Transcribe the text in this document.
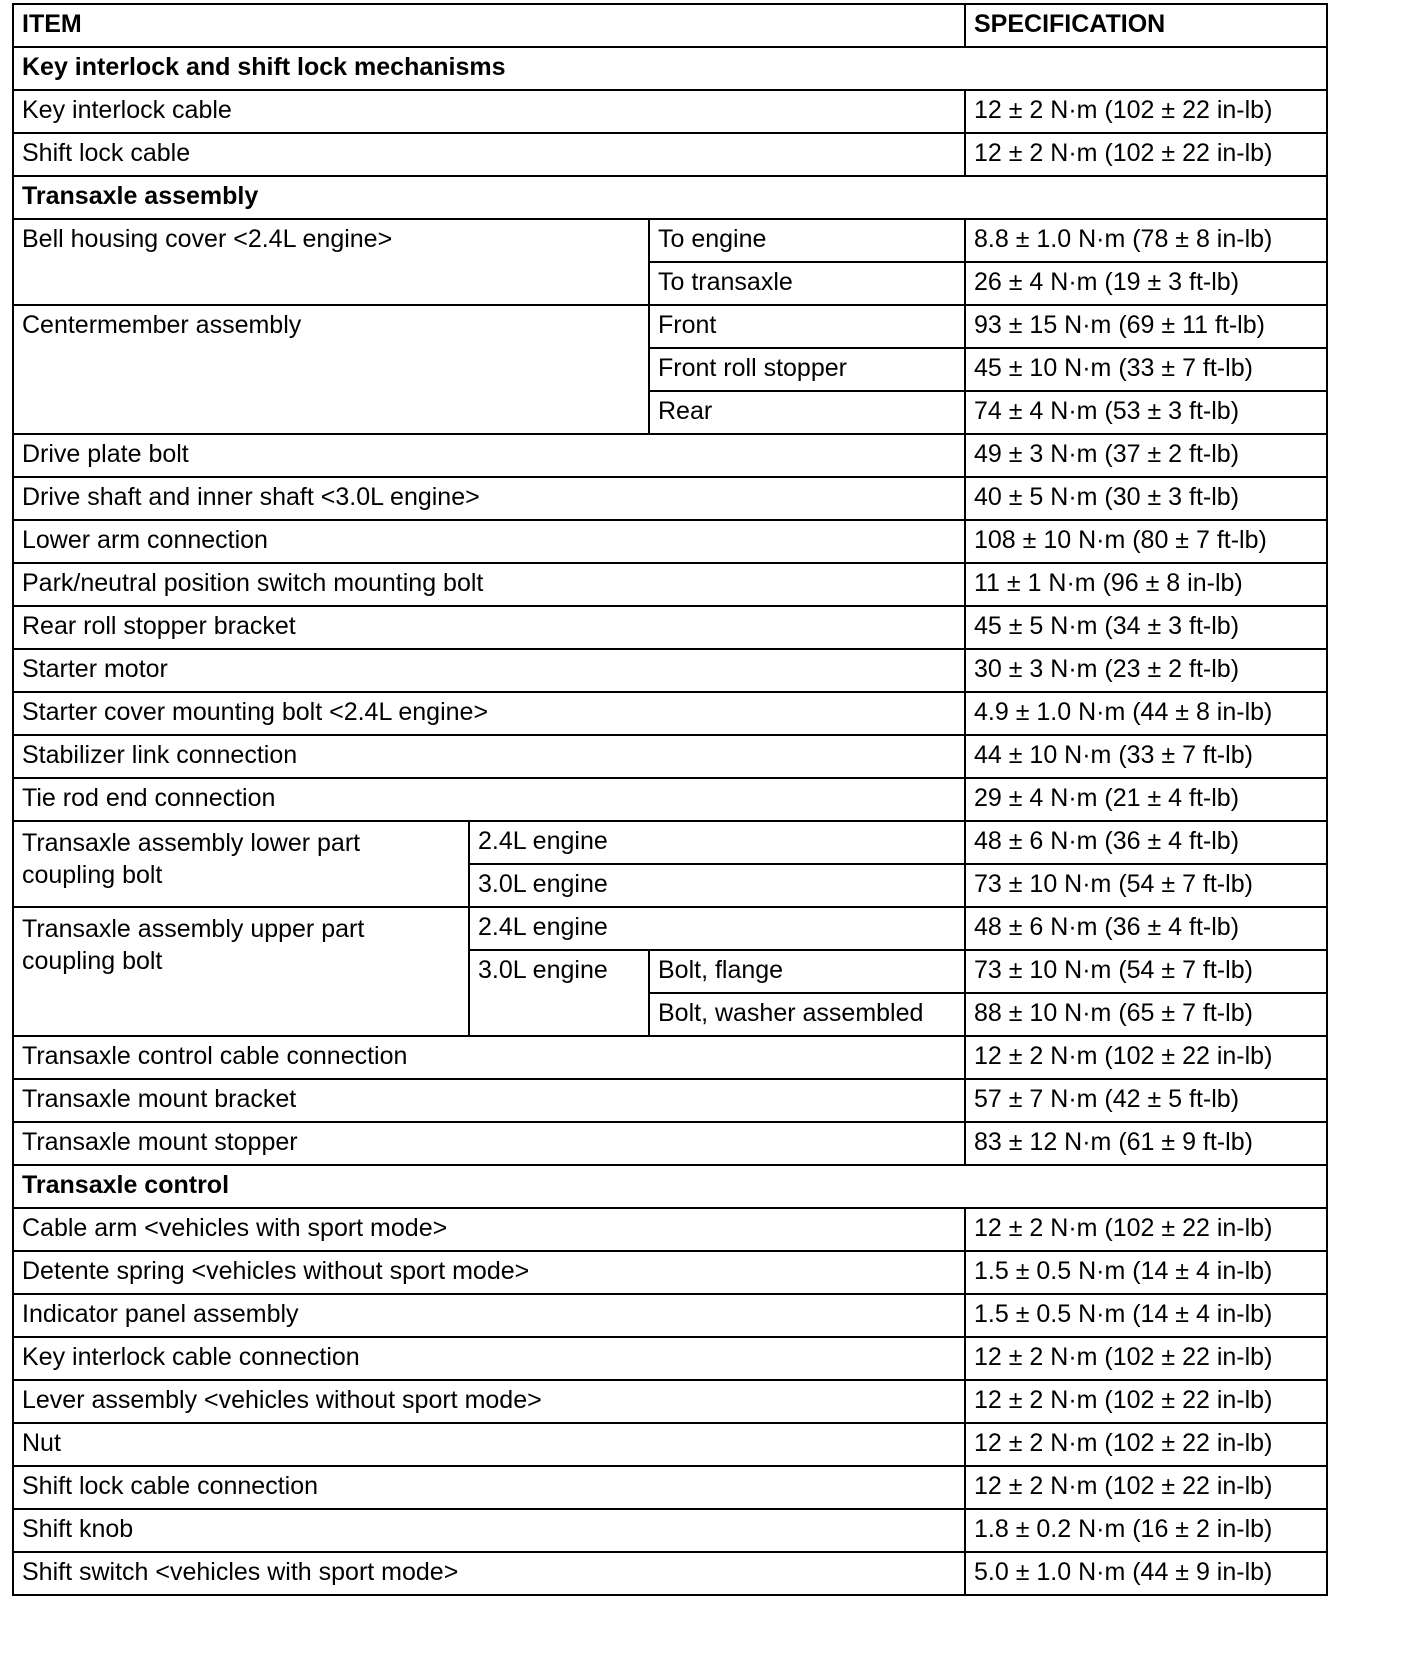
ITEM			SPECIFICATION
Key interlock and shift lock mechanisms			
Key interlock cable			12 ± 2 N·m (102 ± 22 in-lb)
Shift lock cable			12 ± 2 N·m (102 ± 22 in-lb)
Transaxle assembly			
Bell housing cover <2.4L engine>		To engine	8.8 ± 1.0 N·m (78 ± 8 in-lb)
		To transaxle	26 ± 4 N·m (19 ± 3 ft-lb)
Centermember assembly		Front	93 ± 15 N·m (69 ± 11 ft-lb)
		Front roll stopper	45 ± 10 N·m (33 ± 7 ft-lb)
		Rear	74 ± 4 N·m (53 ± 3 ft-lb)
Drive plate bolt			49 ± 3 N·m (37 ± 2 ft-lb)
Drive shaft and inner shaft <3.0L engine>			40 ± 5 N·m (30 ± 3 ft-lb)
Lower arm connection			108 ± 10 N·m (80 ± 7 ft-lb)
Park/neutral position switch mounting bolt			11 ± 1 N·m (96 ± 8 in-lb)
Rear roll stopper bracket			45 ± 5 N·m (34 ± 3 ft-lb)
Starter motor			30 ± 3 N·m (23 ± 2 ft-lb)
Starter cover mounting bolt <2.4L engine>			4.9 ± 1.0 N·m (44 ± 8 in-lb)
Stabilizer link connection			44 ± 10 N·m (33 ± 7 ft-lb)
Tie rod end connection			29 ± 4 N·m (21 ± 4 ft-lb)
Transaxle assembly lower part coupling bolt	2.4L engine		48 ± 6 N·m (36 ± 4 ft-lb)
	3.0L engine		73 ± 10 N·m (54 ± 7 ft-lb)
Transaxle assembly upper part coupling bolt	2.4L engine		48 ± 6 N·m (36 ± 4 ft-lb)
	3.0L engine	Bolt, flange	73 ± 10 N·m (54 ± 7 ft-lb)
		Bolt, washer assembled	88 ± 10 N·m (65 ± 7 ft-lb)
Transaxle control cable connection			12 ± 2 N·m (102 ± 22 in-lb)
Transaxle mount bracket			57 ± 7 N·m (42 ± 5 ft-lb)
Transaxle mount stopper			83 ± 12 N·m (61 ± 9 ft-lb)
Transaxle control			
Cable arm <vehicles with sport mode>			12 ± 2 N·m (102 ± 22 in-lb)
Detente spring <vehicles without sport mode>			1.5 ± 0.5 N·m (14 ± 4 in-lb)
Indicator panel assembly			1.5 ± 0.5 N·m (14 ± 4 in-lb)
Key interlock cable connection			12 ± 2 N·m (102 ± 22 in-lb)
Lever assembly <vehicles without sport mode>			12 ± 2 N·m (102 ± 22 in-lb)
Nut			12 ± 2 N·m (102 ± 22 in-lb)
Shift lock cable connection			12 ± 2 N·m (102 ± 22 in-lb)
Shift knob			1.8 ± 0.2 N·m (16 ± 2 in-lb)
Shift switch <vehicles with sport mode>			5.0 ± 1.0 N·m (44 ± 9 in-lb)
